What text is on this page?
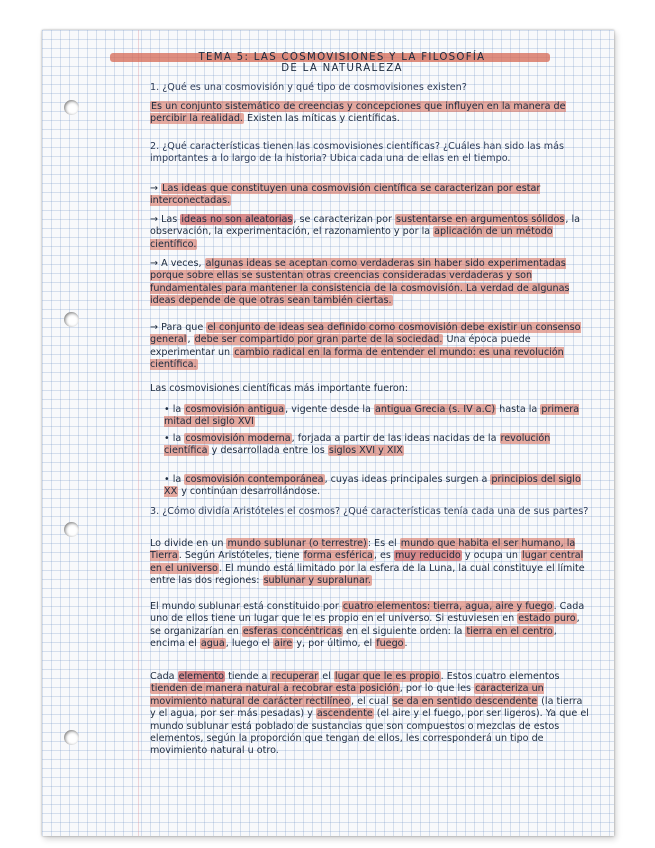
TEMA 5: LAS COSMOVISIONES Y LA FILOSOFÍA
DE LA NATURALEZA
1. ¿Qué es una cosmovisión y qué tipo de cosmovisiones existen?
Es un conjunto sistemático de creencias y concepciones que influyen en la manera de percibir la realidad. Existen las míticas y científicas.
2. ¿Qué características tienen las cosmovisiones científicas? ¿Cuáles han sido las más importantes a lo largo de la historia? Ubica cada una de ellas en el tiempo.
→ Las ideas que constituyen una cosmovisión científica se caracterizan por estar interconectadas.
→ Las ideas no son aleatorias, se caracterizan por sustentarse en argumentos sólidos, la observación, la experimentación, el razonamiento y por la aplicación de un método científico.
→ A veces, algunas ideas se aceptan como verdaderas sin haber sido experimentadas porque sobre ellas se sustentan otras creencias consideradas verdaderas y son fundamentales para mantener la consistencia de la cosmovisión. La verdad de algunas ideas depende de que otras sean también ciertas.
→ Para que el conjunto de ideas sea definido como cosmovisión debe existir un consenso general, debe ser compartido por gran parte de la sociedad. Una época puede experimentar un cambio radical en la forma de entender el mundo: es una revolución científica.
Las cosmovisiones científicas más importante fueron:
• la cosmovisión antigua, vigente desde la antigua Grecia (s. IV a.C) hasta la primera mitad del siglo XVI
• la cosmovisión moderna, forjada a partir de las ideas nacidas de la revolución científica y desarrollada entre los siglos XVI y XIX
• la cosmovisión contemporánea, cuyas ideas principales surgen a principios del siglo XX y continúan desarrollándose.
3. ¿Cómo dividía Aristóteles el cosmos? ¿Qué características tenía cada una de sus partes?
Lo divide en un mundo sublunar (o terrestre): Es el mundo que habita el ser humano, la Tierra. Según Aristóteles, tiene forma esférica, es muy reducido y ocupa un lugar central en el universo. El mundo está limitado por la esfera de la Luna, la cual constituye el límite entre las dos regiones: sublunar y supralunar.
El mundo sublunar está constituido por cuatro elementos: tierra, agua, aire y fuego. Cada uno de ellos tiene un lugar que le es propio en el universo. Si estuviesen en estado puro, se organizarían en esferas concéntricas en el siguiente orden: la tierra en el centro, encima el agua, luego el aire y, por último, el fuego.
Cada elemento tiende a recuperar el lugar que le es propio. Estos cuatro elementos tienden de manera natural a recobrar esta posición, por lo que les caracteriza un movimiento natural de carácter rectilíneo, el cual se da en sentido descendente (la tierra y el agua, por ser más pesadas) y ascendente (el aire y el fuego, por ser ligeros). Ya que el mundo sublunar está poblado de sustancias que son compuestos o mezclas de estos elementos, según la proporción que tengan de ellos, les corresponderá un tipo de movimiento natural u otro.
